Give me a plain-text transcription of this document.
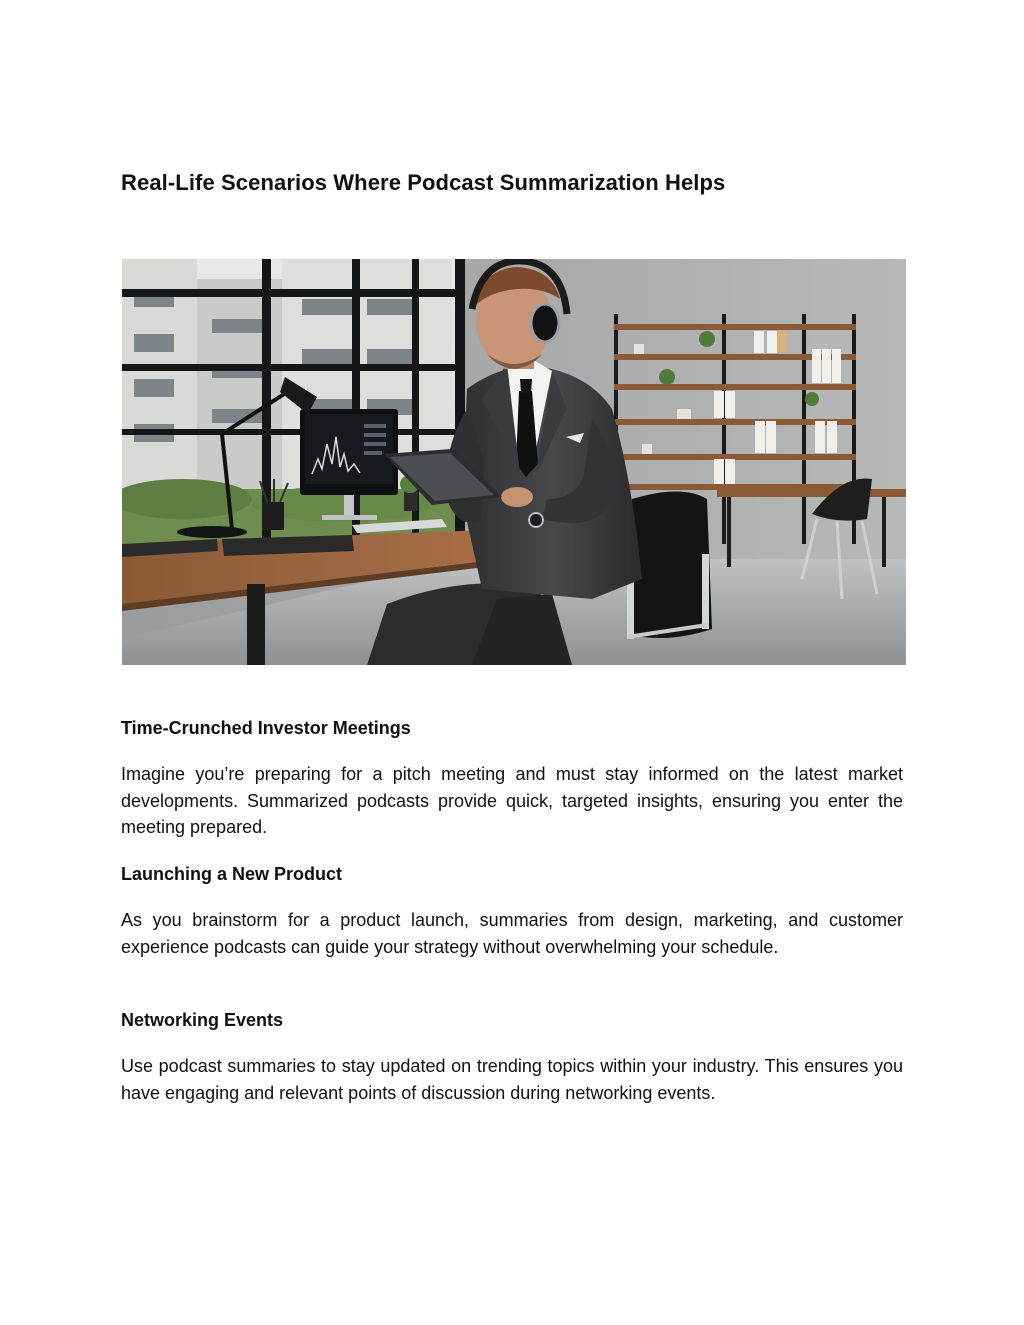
Real-Life Scenarios Where Podcast Summarization Helps
Time-Crunched Investor Meetings

Imagine you’re preparing for a pitch meeting and must stay informed on the latest market developments. Summarized podcasts provide quick, targeted insights, ensuring you enter the meeting prepared.

Launching a New Product

As you brainstorm for a product launch, summaries from design, marketing, and customer experience podcasts can guide your strategy without overwhelming your schedule.

Networking Events

Use podcast summaries to stay updated on trending topics within your industry. This ensures you have engaging and relevant points of discussion during networking events.
